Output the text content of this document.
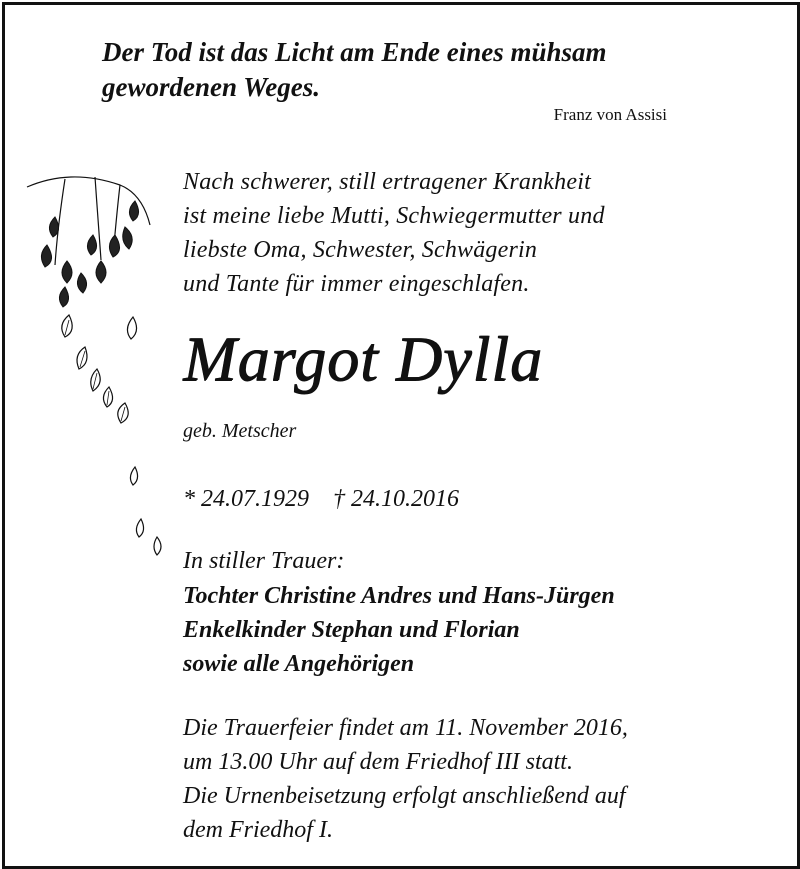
Der Tod ist das Licht am Ende eines mühsam
gewordenen Weges.
Franz von Assisi
Nach schwerer, still ertragener Krankheit
ist meine liebe Mutti, Schwiegermutter und
liebste Oma, Schwester, Schwägerin
und Tante für immer eingeschlafen.
Margot Dylla
geb. Metscher
* 24.07.1929    † 24.10.2016
In stiller Trauer:
Tochter Christine Andres und Hans-Jürgen
Enkelkinder Stephan und Florian
sowie alle Angehörigen
Die Trauerfeier findet am 11. November 2016,
um 13.00 Uhr auf dem Friedhof III statt.
Die Urnenbeisetzung erfolgt anschließend auf
dem Friedhof I.
